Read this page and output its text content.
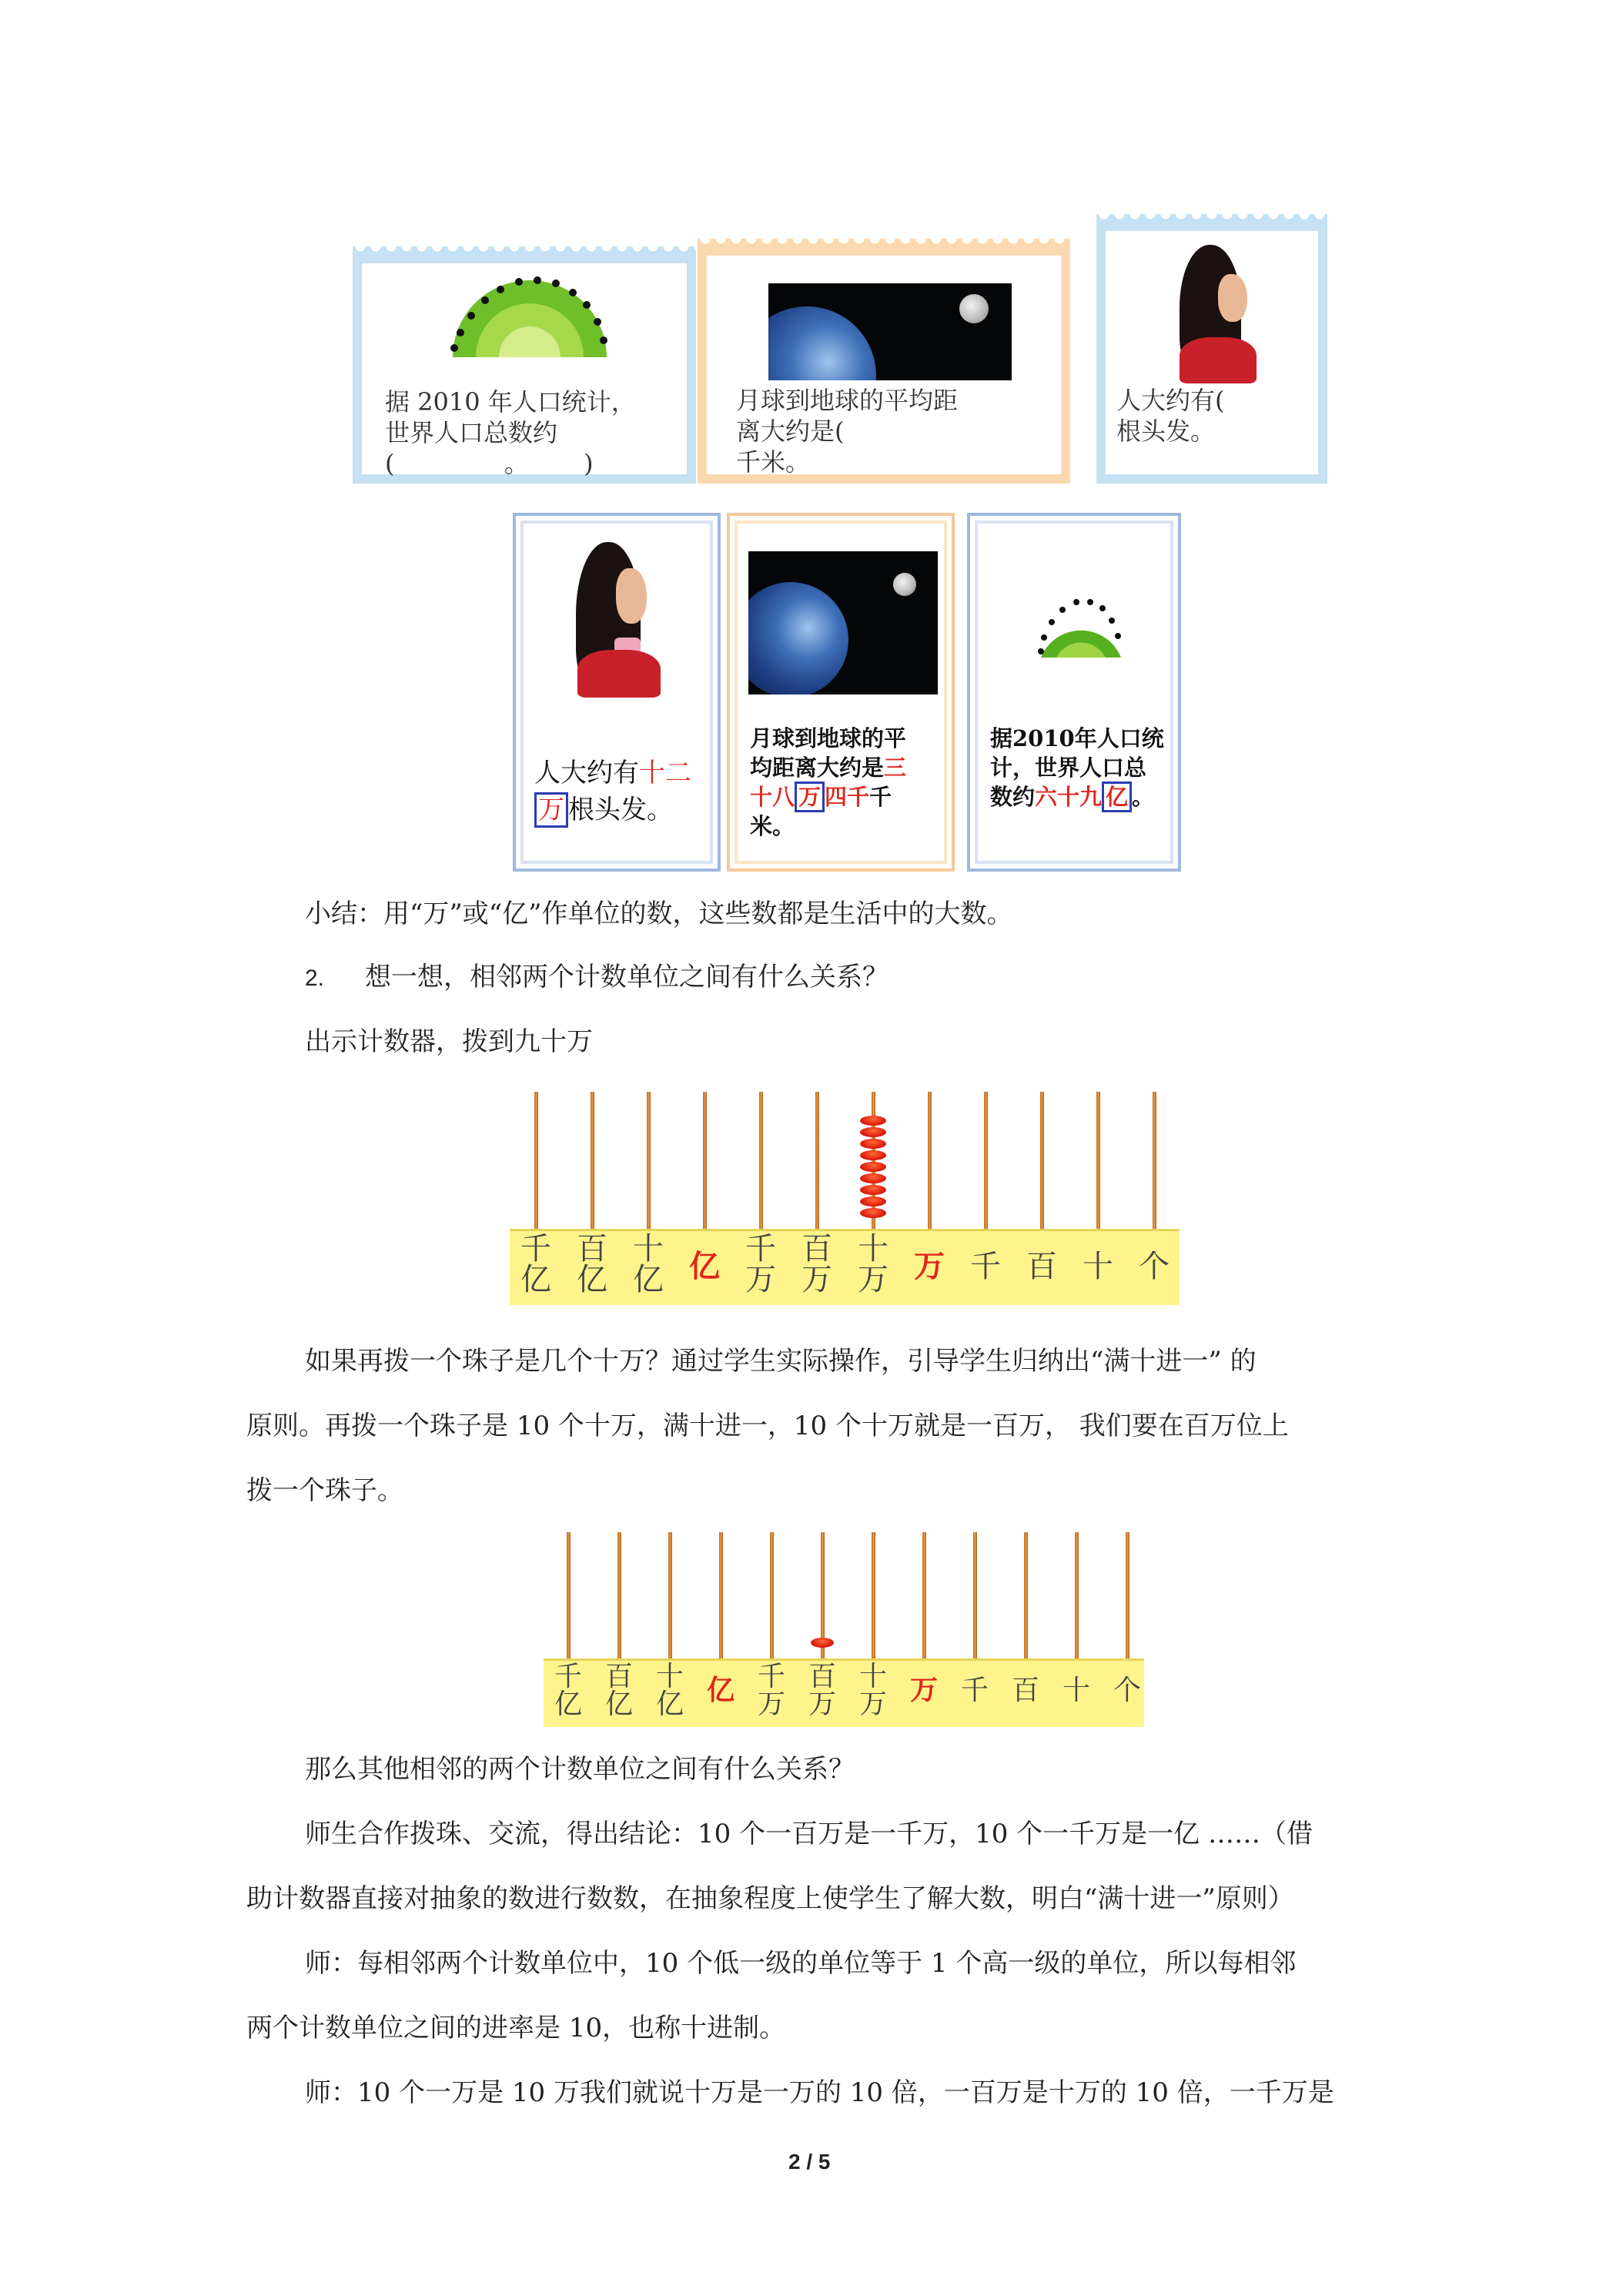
据 2010 年人口统计，
世界人口总数约
(              。       )
月球到地球的平均距
离大约是(
千米。
人大约有(
根头发。
人大约有十二
万 根头发。
月球到地球的平
均距离大约是三
十八 万 四千千
米。
据2010年人口统
计，世界人口总
数约六十九 亿 。
小结：用“万”或“亿”作单位的数，这些数都是生活中的大数。
2. 想一想，相邻两个计数单位之间有什么关系？
出示计数器，拨到九十万
千
亿
百
亿
十
亿 亿 千
万
百
万
十
万 万 千 百 十 个
如果再拨一个珠子是几个十万？通过学生实际操作，引导学生归纳出“满十进一” 的
原则。再拨一个珠子是 10 个十万，满十进一，10 个十万就是一百万， 我们要在百万位上
拨一个珠子。
千
亿
百
亿
十
亿 亿 千
万
百
万
十
万 万 千 百 十 个
那么其他相邻的两个计数单位之间有什么关系？
师生合作拨珠、交流，得出结论：10 个一百万是一千万，10 个一千万是一亿 ……（借
助计数器直接对抽象的数进行数数，在抽象程度上使学生了解大数，明白“满十进一”原则）
师：每相邻两个计数单位中，10 个低一级的单位等于 1 个高一级的单位，所以每相邻
两个计数单位之间的进率是 10，也称十进制。
师：10 个一万是 10 万我们就说十万是一万的 10 倍，一百万是十万的 10 倍，一千万是
2 / 5
